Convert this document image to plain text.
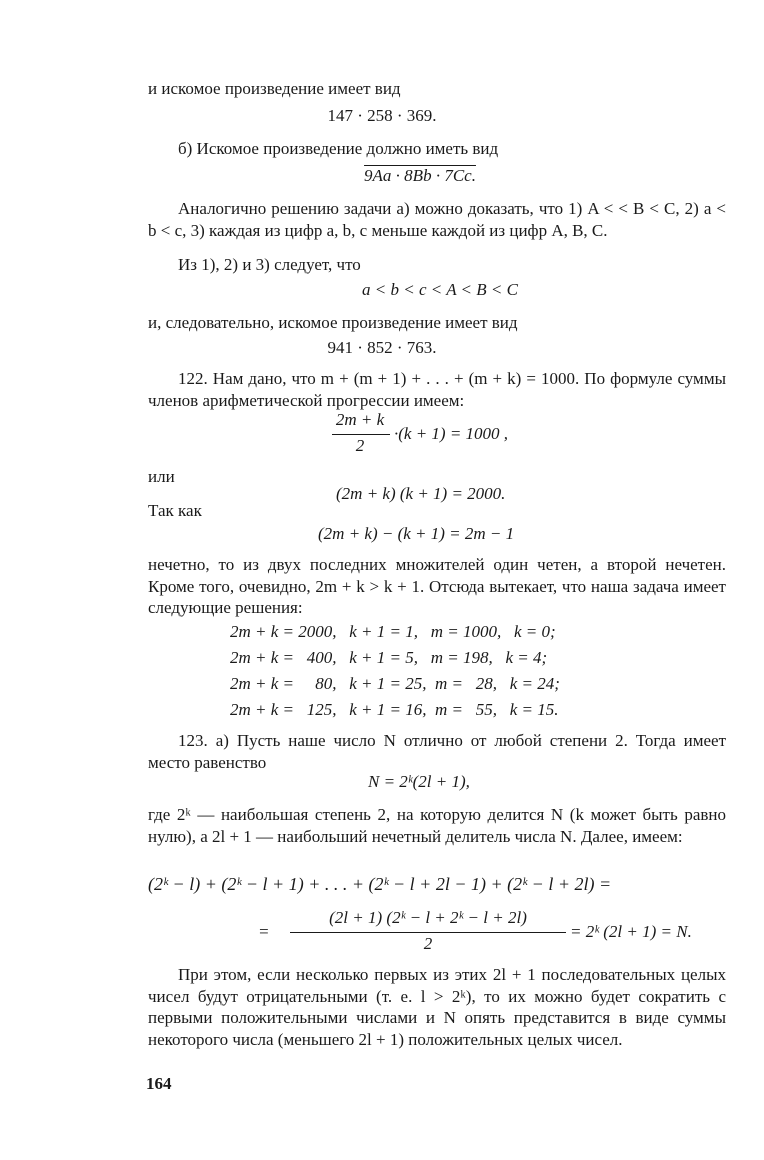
и искомое произведение имеет вид
147 · 258 · 369.
б) Искомое произведение должно иметь вид
9Aa · 8Bb · 7Cc.
Аналогично решению задачи а) можно доказать, что 1) A < < B < C, 2) a < b < c, 3) каждая из цифр a, b, c меньше каждой из цифр A, B, C.
Из 1), 2) и 3) следует, что
a < b < c < A < B < C
и, следовательно, искомое произведение имеет вид
941 · 852 · 763.
122. Нам дано, что m + (m + 1) + . . . + (m + k) = 1000. По формуле суммы членов арифметической прогрессии имеем:
2m + k
2
·(k + 1) = 1000 ,
или
(2m + k) (k + 1) = 2000.
Так как
(2m + k) − (k + 1) = 2m − 1
нечетно, то из двух последних множителей один четен, а второй нечетен. Кроме того, очевидно, 2m + k > k + 1. Отсюда вытекает, что наша задача имеет следующие решения:
2m + k = 2000,   k + 1 = 1,   m = 1000,   k = 0;
2m + k =   400,   k + 1 = 5,   m = 198,   k = 4;
2m + k =     80,   k + 1 = 25,  m =   28,   k = 24;
2m + k =   125,   k + 1 = 16,  m =   55,   k = 15.
123. а) Пусть наше число N отлично от любой степени 2. Тогда имеет место равенство
N = 2ᵏ(2l + 1),
где 2ᵏ — наибольшая степень 2, на которую делится N (k может быть равно нулю), а 2l + 1 — наибольший нечетный делитель числа N. Далее, имеем:
(2ᵏ − l) + (2ᵏ − l + 1) + . . . + (2ᵏ − l + 2l − 1) + (2ᵏ − l + 2l) =
=
(2l + 1) (2ᵏ − l + 2ᵏ − l + 2l)
2
= 2ᵏ (2l + 1) = N.
При этом, если несколько первых из этих 2l + 1 последовательных целых чисел будут отрицательными (т. е. l > 2ᵏ), то их можно будет сократить с первыми положительными числами и N опять представится в виде суммы некоторого числа (меньшего 2l + 1) положительных целых чисел.
164
